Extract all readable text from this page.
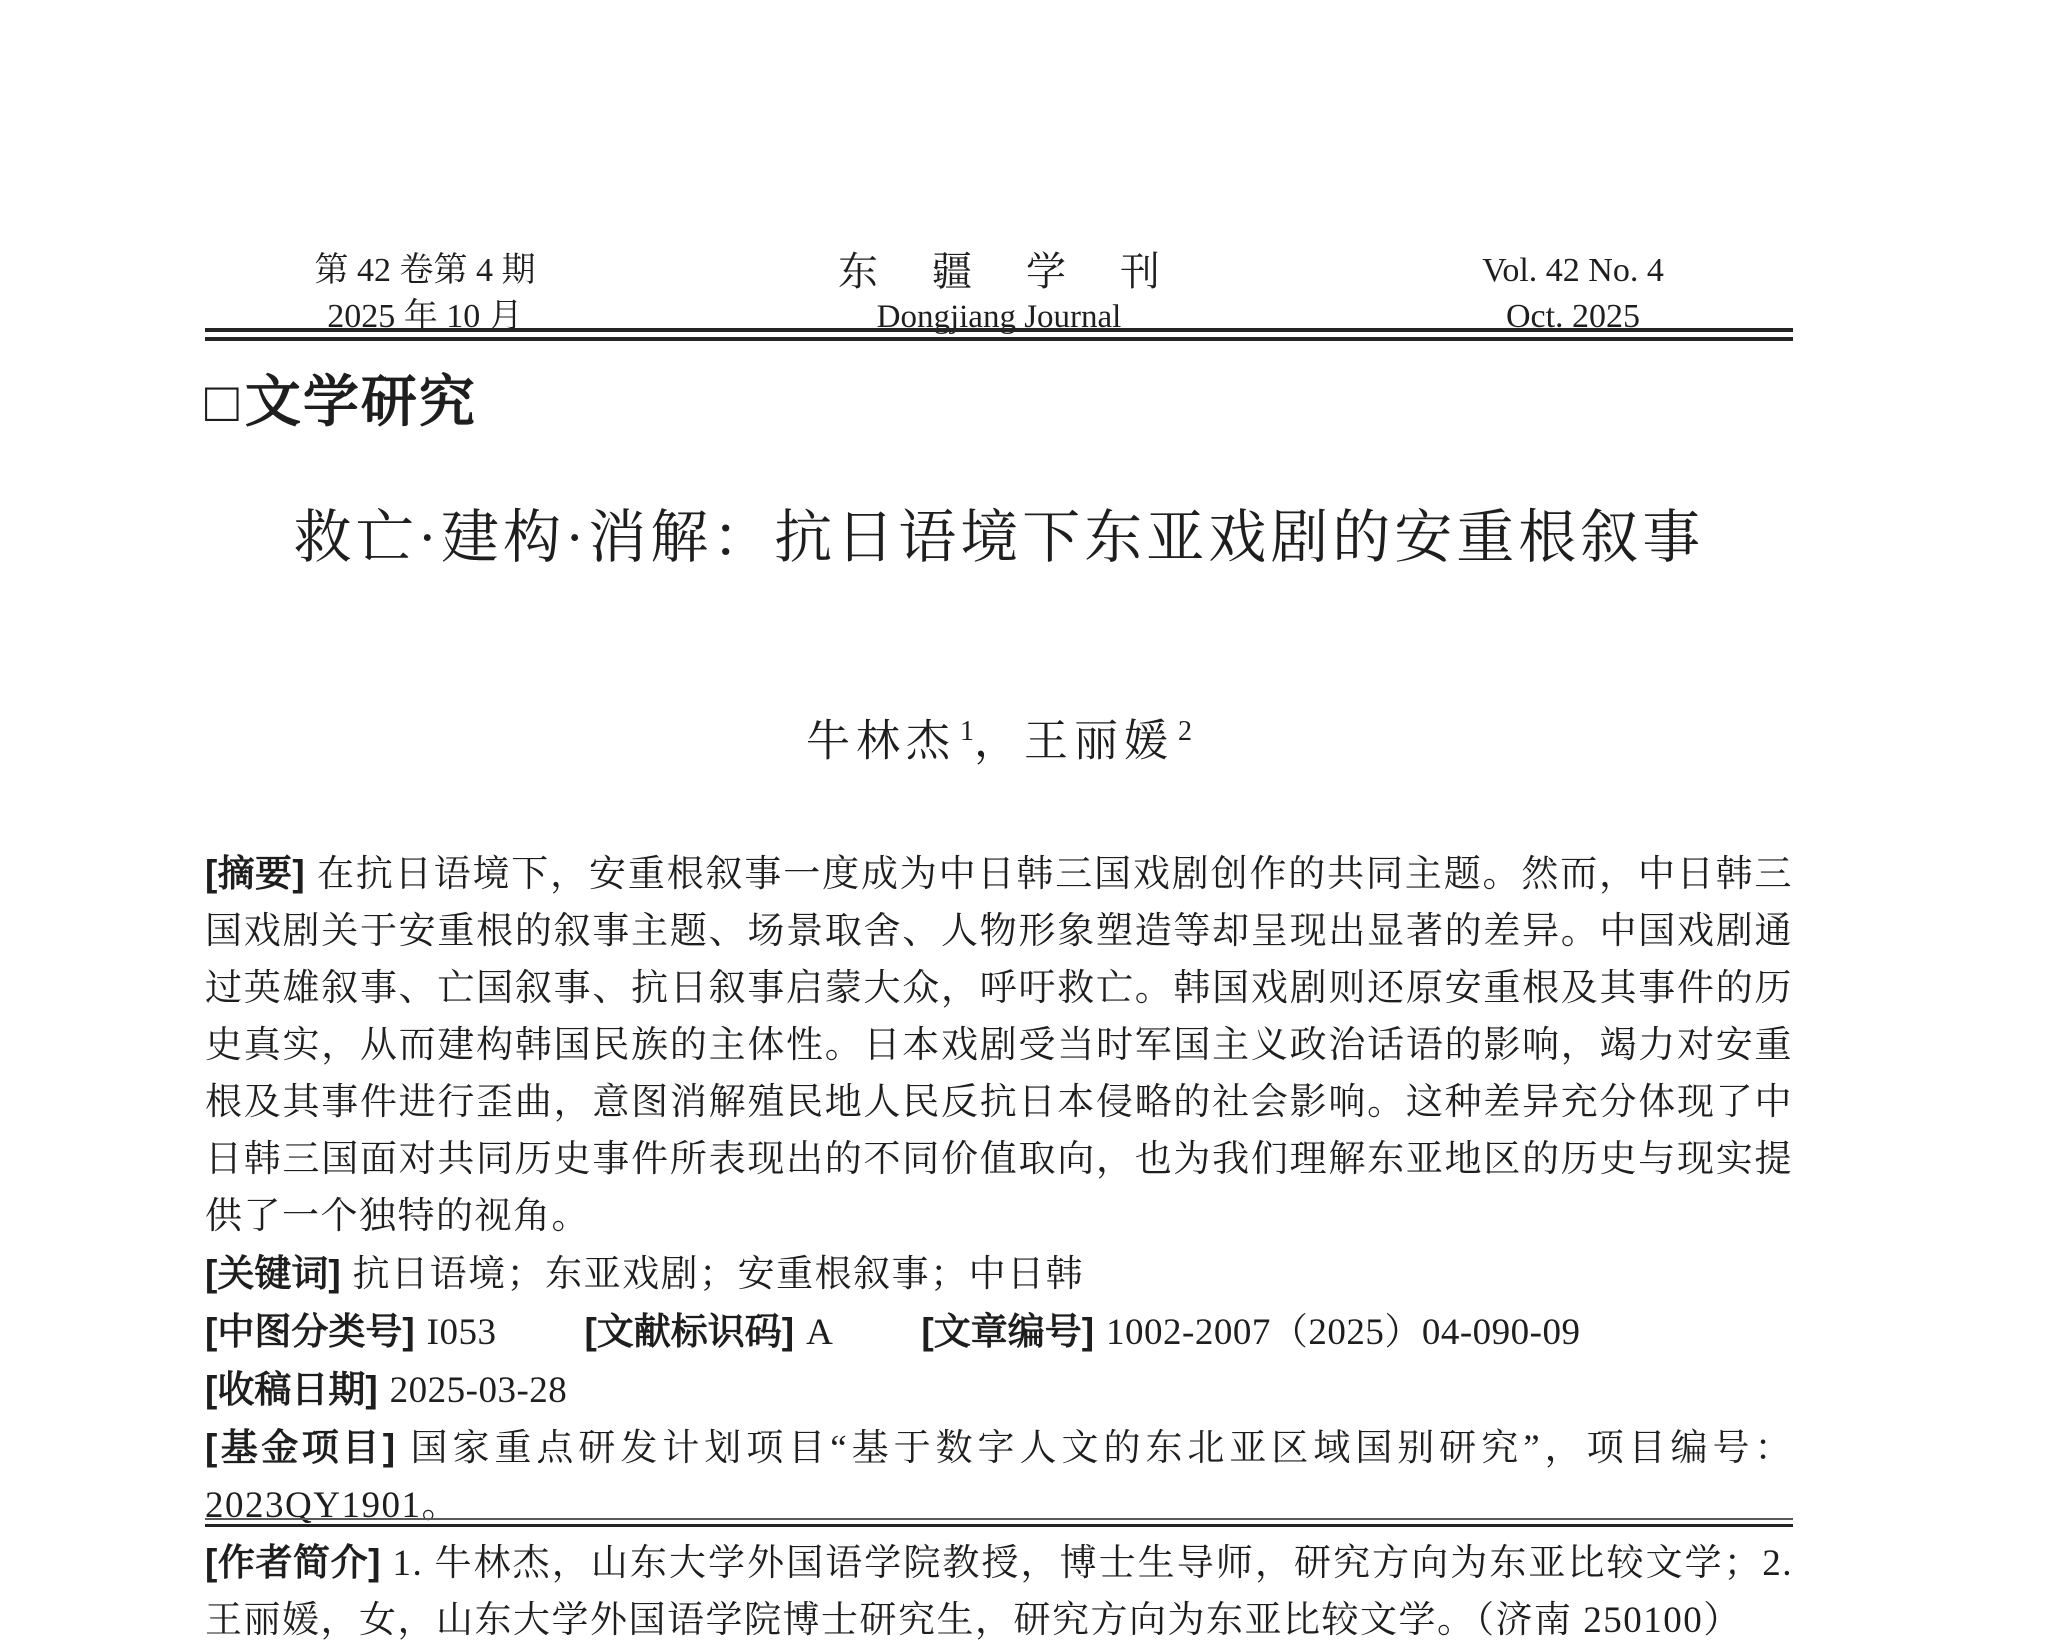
第 42 卷第 4 期
2025 年 10 月
东 疆 学 刊
Dongjiang Journal
Vol. 42 No. 4
Oct. 2025
□文学研究
救亡·建构·消解：抗日语境下东亚戏剧的安重根叙事
牛林杰 $^1$，王丽媛 $^2$

[摘要] 在抗日语境下，安重根叙事一度成为中日韩三国戏剧创作的共同主题。然而，中日韩三国戏剧关于安重根的叙事主题、场景取舍、人物形象塑造等却呈现出显著的差异。中国戏剧通过英雄叙事、亡国叙事、抗日叙事启蒙大众，呼吁救亡。韩国戏剧则还原安重根及其事件的历史真实，从而建构韩国民族的主体性。日本戏剧受当时军国主义政治话语的影响，竭力对安重根及其事件进行歪曲，意图消解殖民地人民反抗日本侵略的社会影响。这种差异充分体现了中日韩三国面对共同历史事件所表现出的不同价值取向，也为我们理解东亚地区的历史与现实提供了一个独特的视角。

[关键词] 抗日语境；东亚戏剧；安重根叙事；中日韩

[中图分类号] I053 [文献标识码] A [文章编号] 1002-2007（2025）04-090-09

[收稿日期] 2025-03-28

[基金项目] 国家重点研发计划项目“基于数字人文的东北亚区域国别研究”，项目编号：2023QY1901。

[作者简介] 1. 牛林杰，山东大学外国语学院教授，博士生导师，研究方向为东亚比较文学；2. 王丽媛，女，山东大学外国语学院博士研究生，研究方向为东亚比较文学。（济南 250100）
